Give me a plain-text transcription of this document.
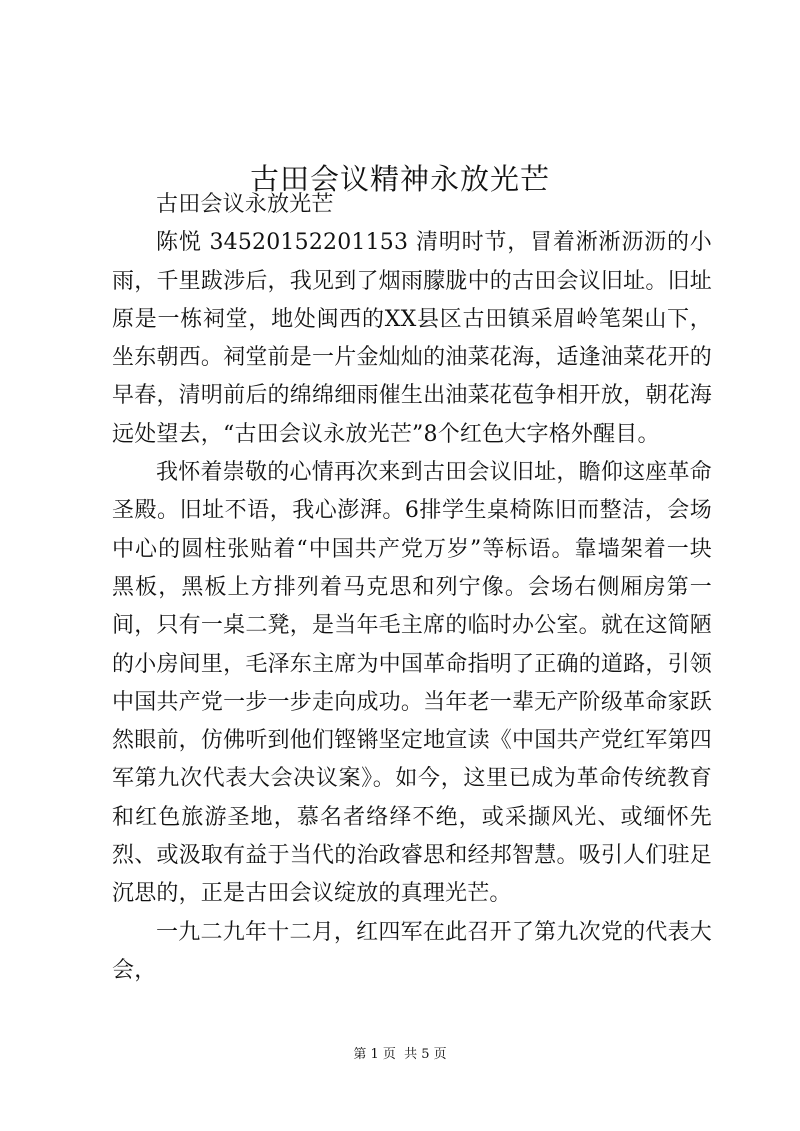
古田会议精神永放光芒

古田会议永放光芒

陈悦 34520152201153 清明时节，冒着淅淅沥沥的小雨，千里跋涉后，我见到了烟雨朦胧中的古田会议旧址。旧址原是一栋祠堂，地处闽西的XX县区古田镇采眉岭笔架山下，坐东朝西。祠堂前是一片金灿灿的油菜花海，适逢油菜花开的早春，清明前后的绵绵细雨催生出油菜花苞争相开放，朝花海远处望去，“古田会议永放光芒”8个红色大字格外醒目。

我怀着崇敬的心情再次来到古田会议旧址，瞻仰这座革命圣殿。旧址不语，我心澎湃。6排学生桌椅陈旧而整洁，会场中心的圆柱张贴着“中国共产党万岁”等标语。靠墙架着一块黑板，黑板上方排列着马克思和列宁像。会场右侧厢房第一间，只有一桌二凳，是当年毛主席的临时办公室。就在这简陋的小房间里，毛泽东主席为中国革命指明了正确的道路，引领中国共产党一步一步走向成功。当年老一辈无产阶级革命家跃然眼前，仿佛听到他们铿锵坚定地宣读《中国共产党红军第四军第九次代表大会决议案》。如今，这里已成为革命传统教育和红色旅游圣地，慕名者络绎不绝，或采撷风光、或缅怀先烈、或汲取有益于当代的治政睿思和经邦智慧。吸引人们驻足沉思的，正是古田会议绽放的真理光芒。

一九二九年十二月，红四军在此召开了第九次党的代表大会，

第 1 页 共 5 页
